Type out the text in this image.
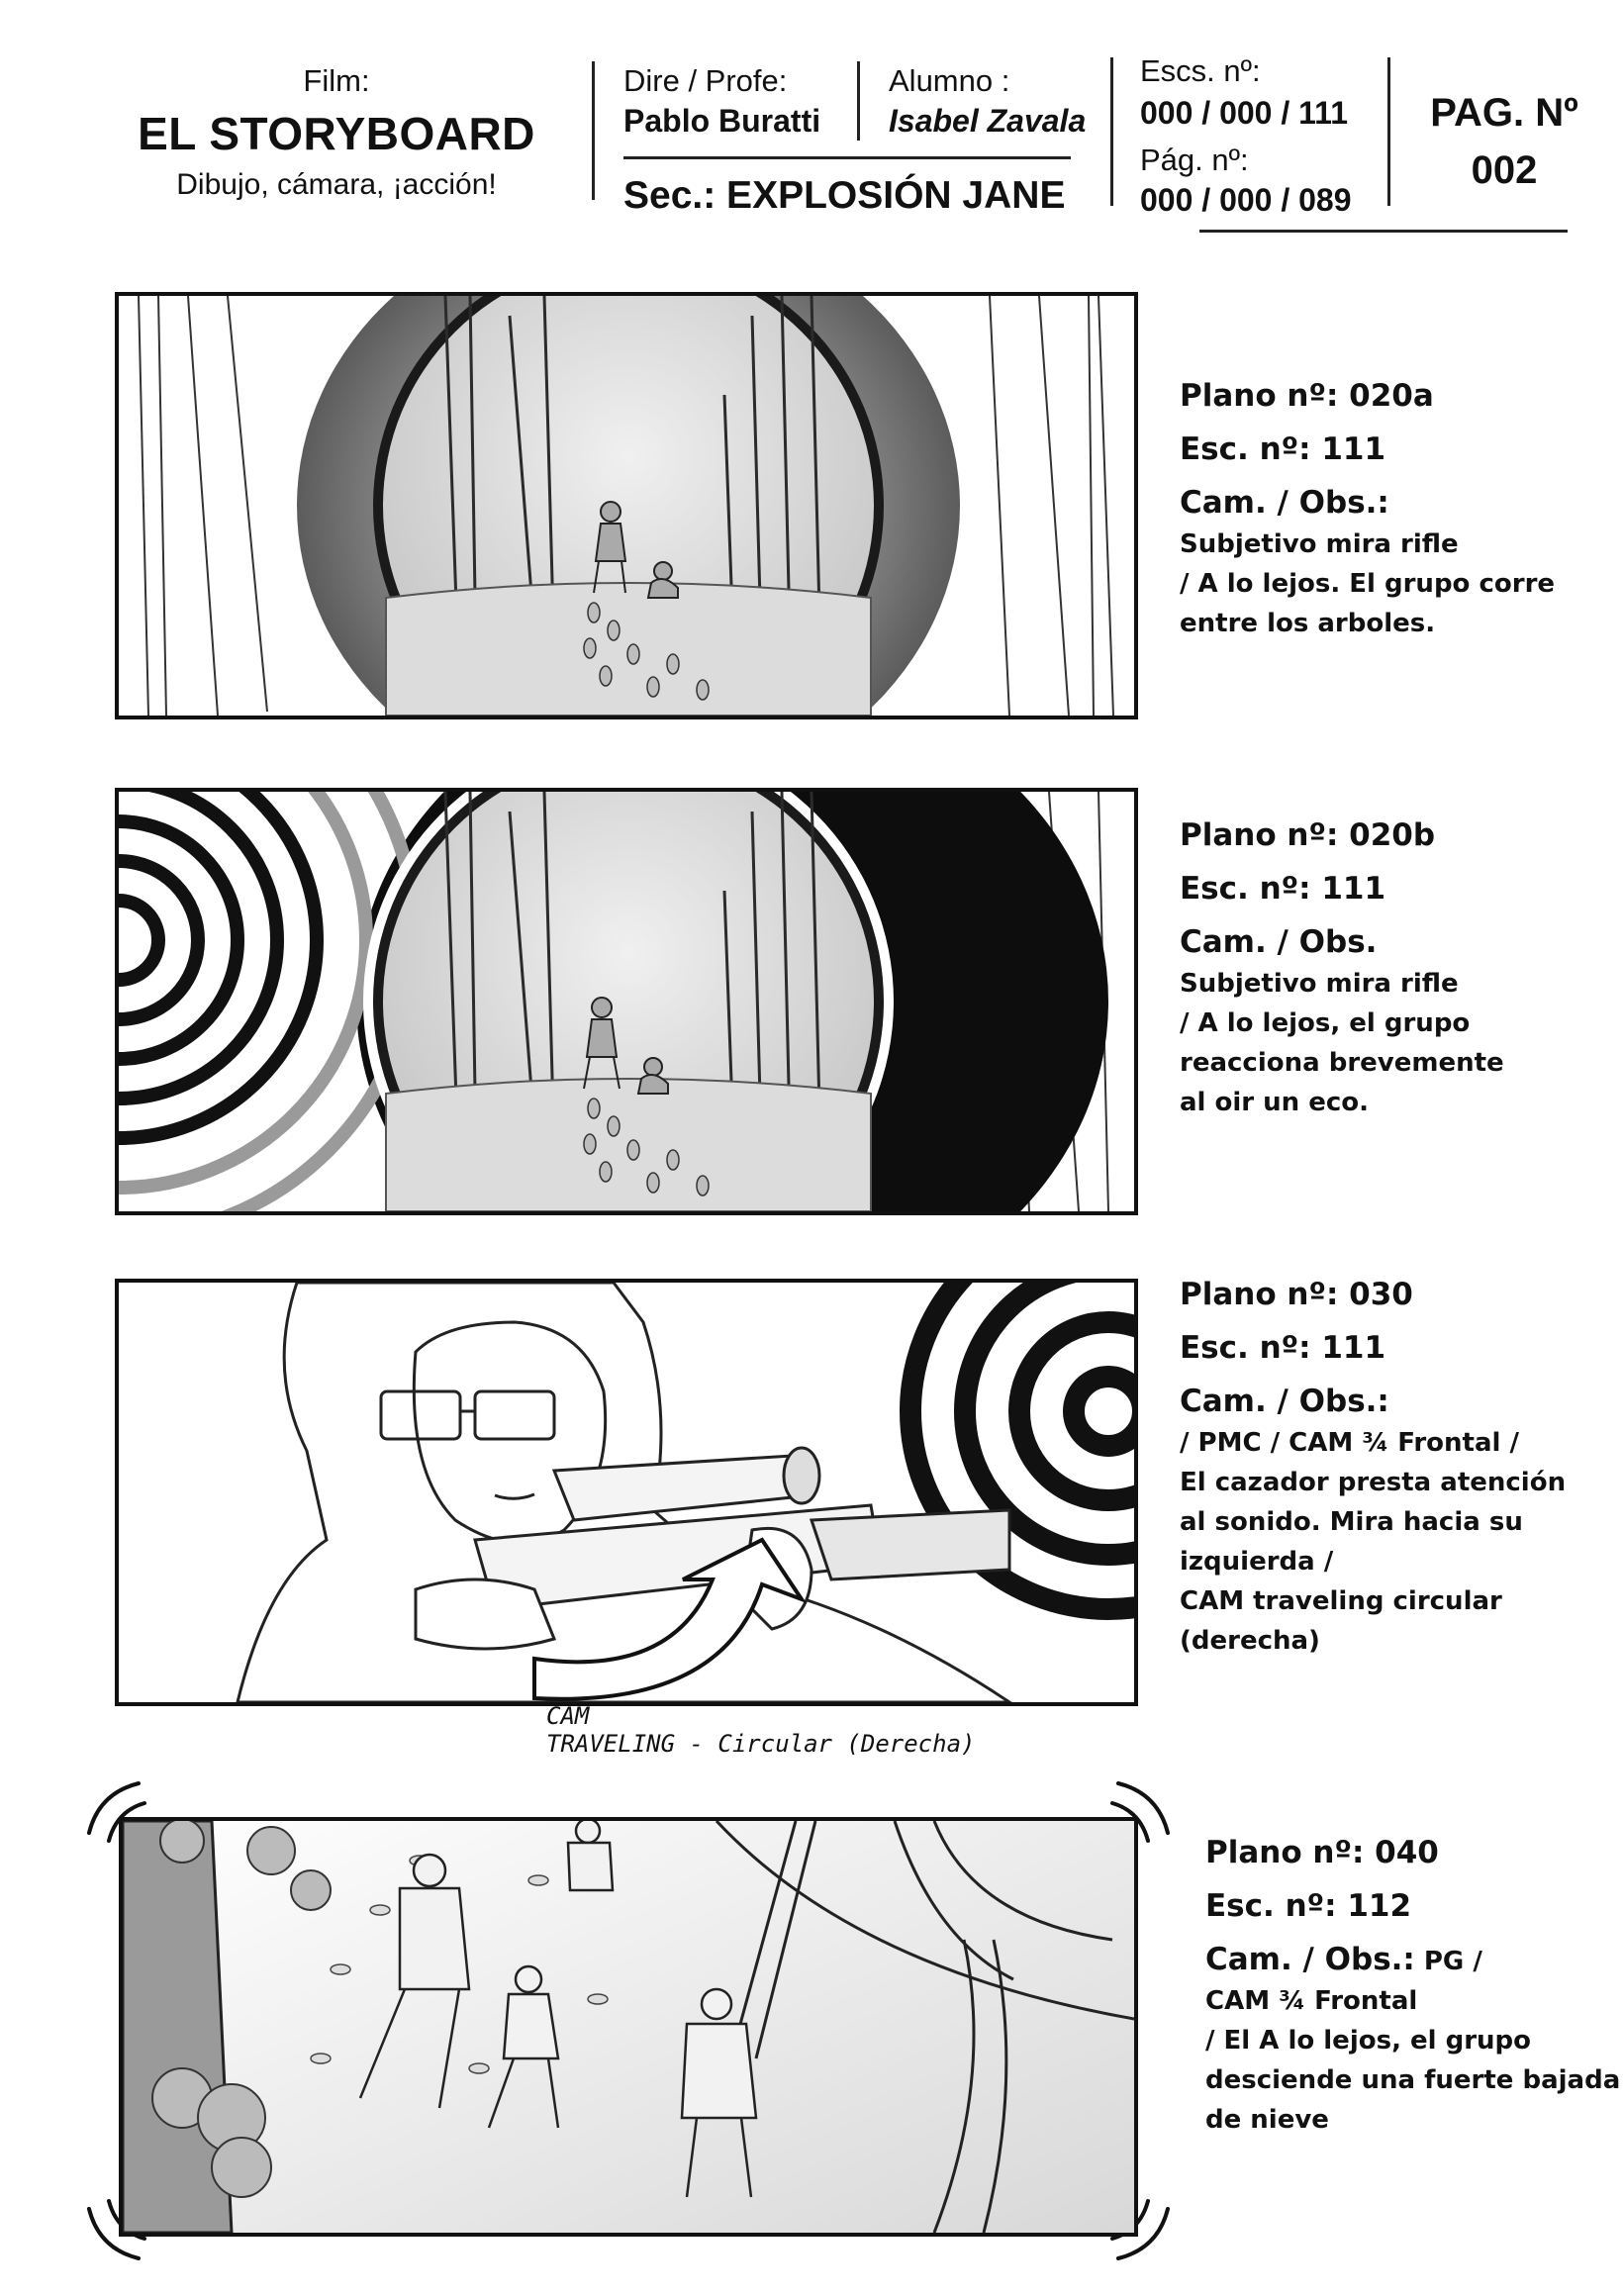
Film:
EL STORYBOARD
Dibujo, cámara, ¡acción!
Dire / Profe:
Pablo Buratti
Alumno :
Isabel Zavala
Sec.: EXPLOSIÓN JANE
Escs. nº:
000 / 000 / 111
Pág. nº:
000 / 000 / 089
PAG. Nº
002
Plano nº: 020a
Esc. nº: 111
Cam. / Obs.:
Subjetivo mira rifle
/ A lo lejos. El grupo corre
entre los arboles.
Plano nº: 020b
Esc. nº: 111
Cam. / Obs.
Subjetivo mira rifle
/ A lo lejos, el grupo
reacciona brevemente
al oir un eco.
Plano nº: 030
Esc. nº: 111
Cam. / Obs.:
/ PMC / CAM ¾ Frontal /
El cazador presta atención
al sonido. Mira hacia su
izquierda /
CAM traveling circular
(derecha)
CAM
TRAVELING - Circular (Derecha)
Plano nº: 040
Esc. nº: 112
Cam. / Obs.: PG /
CAM ¾ Frontal
/ El A lo lejos, el grupo
desciende una fuerte bajada
de nieve
